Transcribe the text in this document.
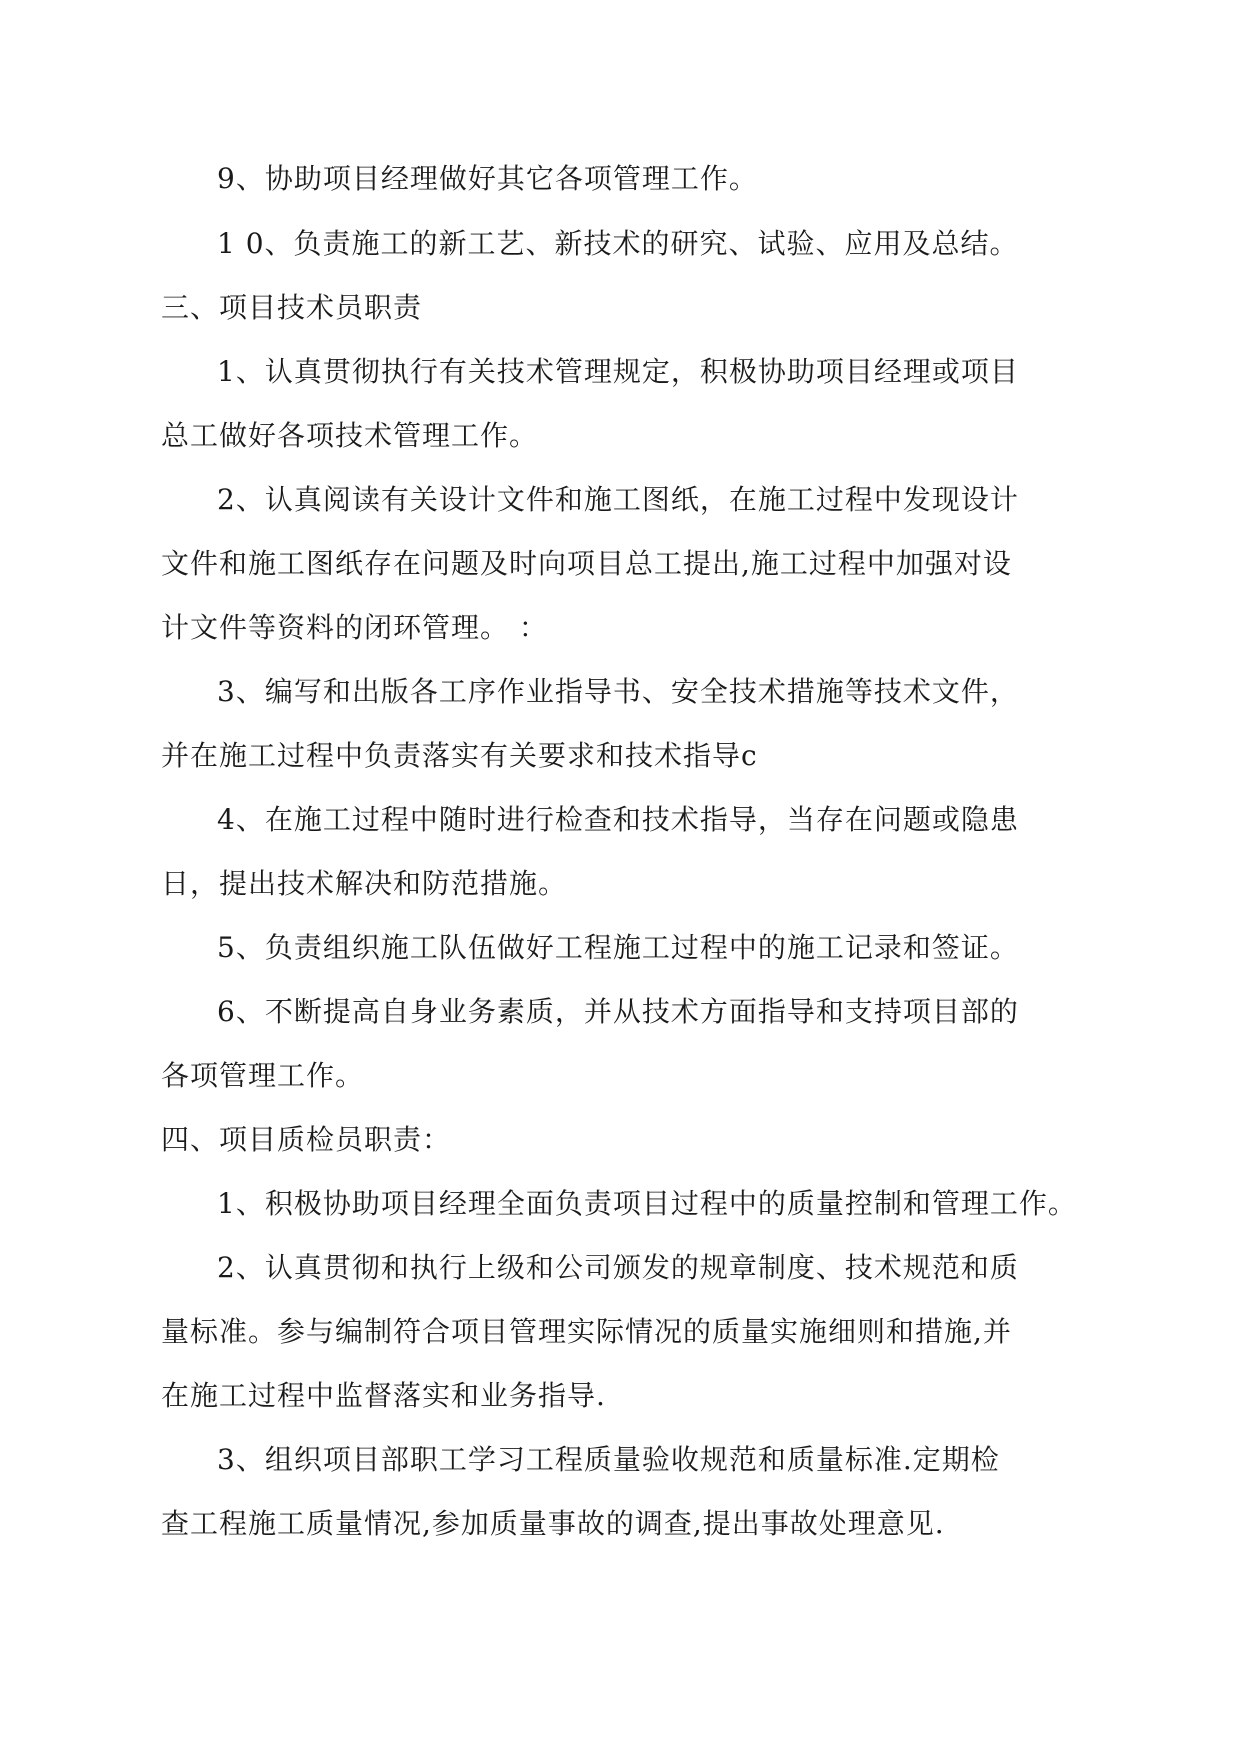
9、协助项目经理做好其它各项管理工作。
1 0、负责施工的新工艺、新技术的研究、试验、应用及总结。
三、项目技术员职责
1、认真贯彻执行有关技术管理规定，积极协助项目经理或项目
总工做好各项技术管理工作。
2、认真阅读有关设计文件和施工图纸，在施工过程中发现设计
文件和施工图纸存在问题及时向项目总工提出,施工过程中加强对设
计文件等资料的闭环管理。 ：
3、编写和出版各工序作业指导书、安全技术措施等技术文件，
并在施工过程中负责落实有关要求和技术指导c
4、在施工过程中随时进行检查和技术指导，当存在问题或隐患
日，提出技术解决和防范措施。
5、负责组织施工队伍做好工程施工过程中的施工记录和签证。
6、不断提高自身业务素质，并从技术方面指导和支持项目部的
各项管理工作。
四、项目质检员职责：
1、积极协助项目经理全面负责项目过程中的质量控制和管理工作。
2、认真贯彻和执行上级和公司颁发的规章制度、技术规范和质
量标准。参与编制符合项目管理实际情况的质量实施细则和措施,并
在施工过程中监督落实和业务指导.
3、组织项目部职工学习工程质量验收规范和质量标准.定期检
查工程施工质量情况,参加质量事故的调查,提出事故处理意见.
